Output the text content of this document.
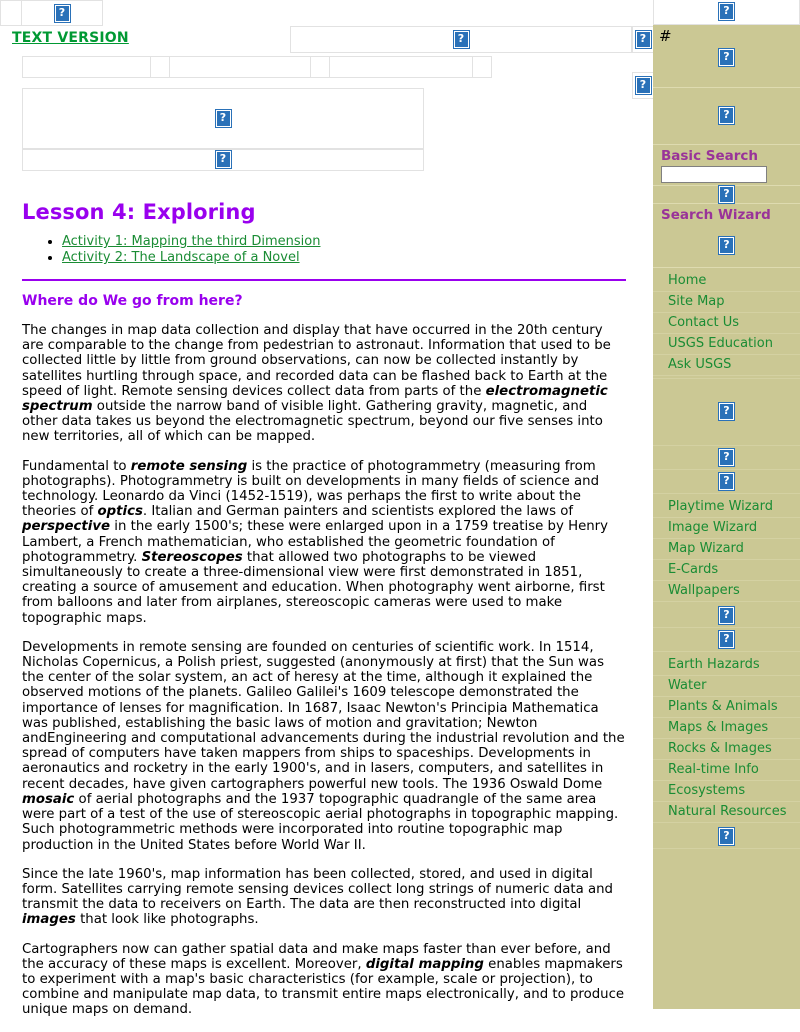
	?
TEXT VERSION
?
?
?

?
?
Lesson 4: Exploring
• Activity 1: Mapping the third Dimension
• Activity 2: The Landscape of a Novel
Where do We go from here?

The changes in map data collection and display that have occurred in the 20th century are comparable to the change from pedestrian to astronaut. Information that used to be collected little by little from ground observations, can now be collected instantly by satellites hurtling through space, and recorded data can be flashed back to Earth at the speed of light. Remote sensing devices collect data from parts of the electromagnetic spectrum outside the narrow band of visible light. Gathering gravity, magnetic, and other data takes us beyond the electromagnetic spectrum, beyond our five senses into new territories, all of which can be mapped.

Fundamental to remote sensing is the practice of photogrammetry (measuring from photographs). Photogrammetry is built on developments in many fields of science and technology. Leonardo da Vinci (1452-1519), was perhaps the first to write about the theories of optics. Italian and German painters and scientists explored the laws of perspective in the early 1500's; these were enlarged upon in a 1759 treatise by Henry Lambert, a French mathematician, who established the geometric foundation of photogrammetry. Stereoscopes that allowed two photographs to be viewed simultaneously to create a three-dimensional view were first demonstrated in 1851, creating a source of amusement and education. When photography went airborne, first from balloons and later from airplanes, stereoscopic cameras were used to make topographic maps.

Developments in remote sensing are founded on centuries of scientific work. In 1514, Nicholas Copernicus, a Polish priest, suggested (anonymously at first) that the Sun was the center of the solar system, an act of heresy at the time, although it explained the observed motions of the planets. Galileo Galilei's 1609 telescope demonstrated the importance of lenses for magnification. In 1687, Isaac Newton's Principia Mathematica was published, establishing the basic laws of motion and gravitation; Newton andEngineering and computational advancements during the industrial revolution and the spread of computers have taken mappers from ships to spaceships. Developments in aeronautics and rocketry in the early 1900's, and in lasers, computers, and satellites in recent decades, have given cartographers powerful new tools. The 1936 Oswald Dome mosaic of aerial photographs and the 1937 topographic quadrangle of the same area were part of a test of the use of stereoscopic aerial photographs in topographic mapping. Such photogrammetric methods were incorporated into routine topographic map production in the United States before World War II.

Since the late 1960's, map information has been collected, stored, and used in digital form. Satellites carrying remote sensing devices collect long strings of numeric data and transmit the data to receivers on Earth. The data are then reconstructed into digital images that look like photographs.

Cartographers now can gather spatial data and make maps faster than ever before, and the accuracy of these maps is excellent. Moreover, digital mapping enables mapmakers to experiment with a map's basic characteristics (for example, scale or projection), to combine and manipulate map data, to transmit entire maps electronically, and to produce unique maps on demand.

?
#
?
?
Basic Search
?
Search Wizard
?
Home
Site Map
Contact Us
USGS Education
Ask USGS
?
?
?
Playtime Wizard
Image Wizard
Map Wizard
E-Cards
Wallpapers
?
?
Earth Hazards
Water
Plants & Animals
Maps & Images
Rocks & Images
Real-time Info
Ecosystems
Natural Resources
?
